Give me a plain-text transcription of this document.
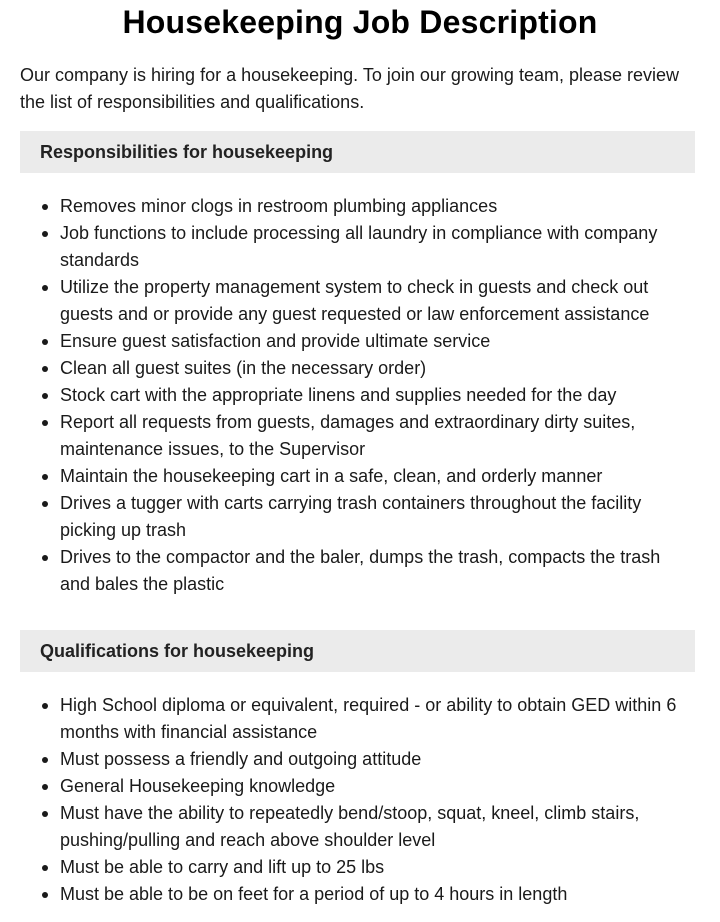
Housekeeping Job Description

Our company is hiring for a housekeeping. To join our growing team, please review the list of responsibilities and qualifications.

Responsibilities for housekeeping
Removes minor clogs in restroom plumbing appliances
Job functions to include processing all laundry in compliance with company standards
Utilize the property management system to check in guests and check out guests and or provide any guest requested or law enforcement assistance
Ensure guest satisfaction and provide ultimate service
Clean all guest suites (in the necessary order)
Stock cart with the appropriate linens and supplies needed for the day
Report all requests from guests, damages and extraordinary dirty suites, maintenance issues, to the Supervisor
Maintain the housekeeping cart in a safe, clean, and orderly manner
Drives a tugger with carts carrying trash containers throughout the facility picking up trash
Drives to the compactor and the baler, dumps the trash, compacts the trash and bales the plastic
Qualifications for housekeeping
High School diploma or equivalent, required - or ability to obtain GED within 6 months with financial assistance
Must possess a friendly and outgoing attitude
General Housekeeping knowledge
Must have the ability to repeatedly bend/stoop, squat, kneel, climb stairs, pushing/pulling and reach above shoulder level
Must be able to carry and lift up to 25 lbs
Must be able to be on feet for a period of up to 4 hours in length
